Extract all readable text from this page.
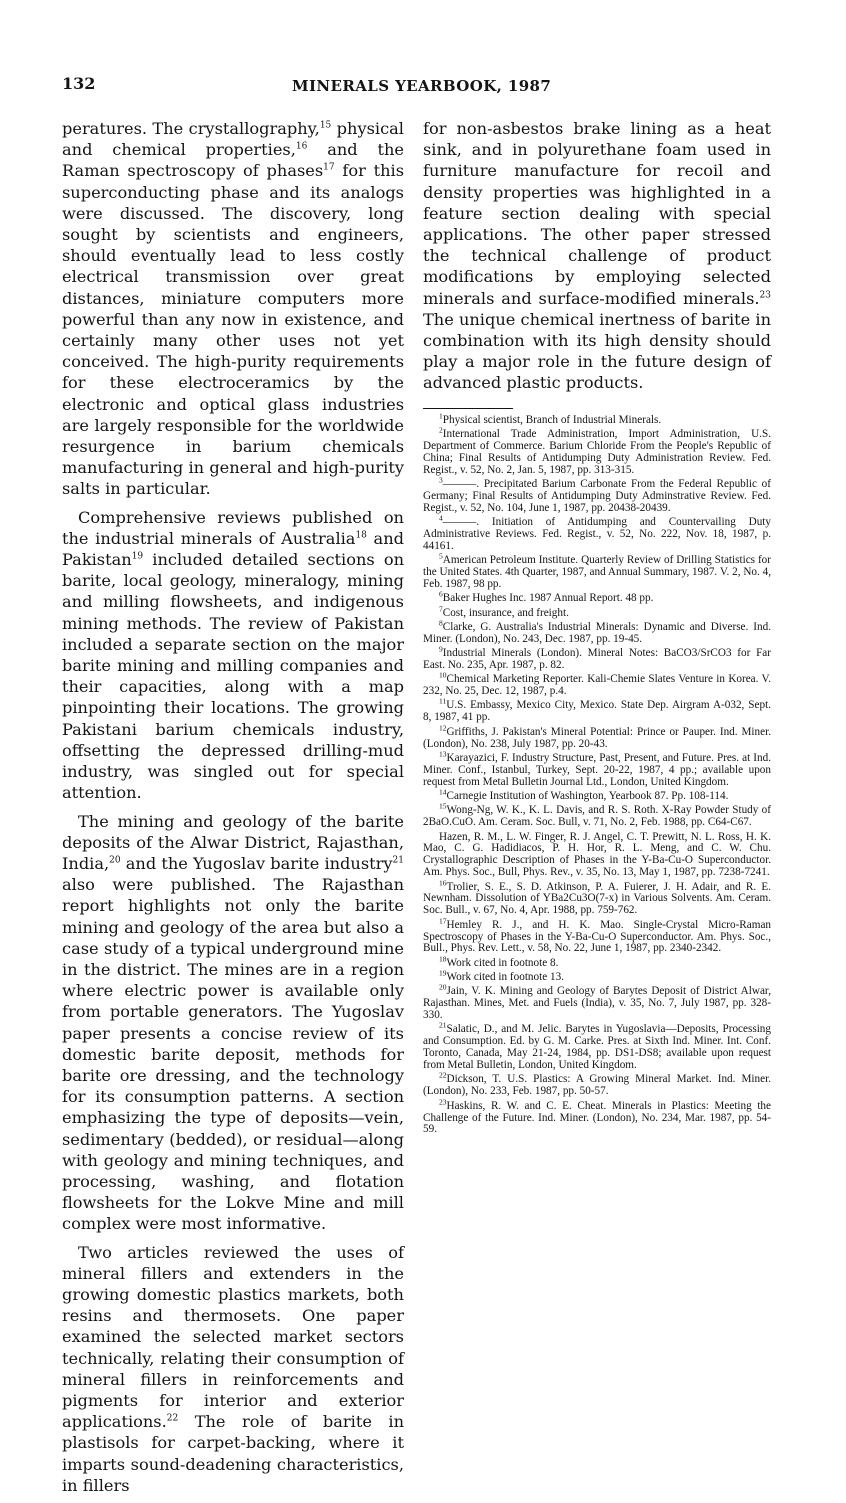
132	MINERALS YEARBOOK, 1987

peratures. The crystallography,$^{15}$ physical and chemical properties,$^{16}$ and the Raman spectroscopy of phases$^{17}$ for this superconducting phase and its analogs were discussed. The discovery, long sought by scientists and engineers, should eventually lead to less costly electrical transmission over great distances, miniature computers more powerful than any now in existence, and certainly many other uses not yet conceived. The high-purity requirements for these electroceramics by the electronic and optical glass industries are largely responsible for the worldwide resurgence in barium chemicals manufacturing in general and high-purity salts in particular.

Comprehensive reviews published on the industrial minerals of Australia$^{18}$ and Pakistan$^{19}$ included detailed sections on barite, local geology, mineralogy, mining and milling flowsheets, and indigenous mining methods. The review of Pakistan included a separate section on the major barite mining and milling companies and their capacities, along with a map pinpointing their locations. The growing Pakistani barium chemicals industry, offsetting the depressed drilling-mud industry, was singled out for special attention.

The mining and geology of the barite deposits of the Alwar District, Rajasthan, India,$^{20}$ and the Yugoslav barite industry$^{21}$ also were published. The Rajasthan report highlights not only the barite mining and geology of the area but also a case study of a typical underground mine in the district. The mines are in a region where electric power is available only from portable generators. The Yugoslav paper presents a concise review of its domestic barite deposit, methods for barite ore dressing, and the technology for its consumption patterns. A section emphasizing the type of deposits—vein, sedimentary (bedded), or residual—along with geology and mining techniques, and processing, washing, and flotation flowsheets for the Lokve Mine and mill complex were most informative.

Two articles reviewed the uses of mineral fillers and extenders in the growing domestic plastics markets, both resins and thermosets. One paper examined the selected market sectors technically, relating their consumption of mineral fillers in reinforcements and pigments for interior and exterior applications.$^{22}$ The role of barite in plastisols for carpet-backing, where it imparts sound-deadening characteristics, in fillers

for non-asbestos brake lining as a heat sink, and in polyurethane foam used in furniture manufacture for recoil and density properties was highlighted in a feature section dealing with special applications. The other paper stressed the technical challenge of product modifications by employing selected minerals and surface-modified minerals.$^{23}$ The unique chemical inertness of barite in combination with its high density should play a major role in the future design of advanced plastic products.

$^1$Physical scientist, Branch of Industrial Minerals.

$^2$International Trade Administration, Import Administration, U.S. Department of Commerce. Barium Chloride From the People's Republic of China; Final Results of Antidumping Duty Administration Review. Fed. Regist., v. 52, No. 2, Jan. 5, 1987, pp. 313-315.

$^3$———. Precipitated Barium Carbonate From the Federal Republic of Germany; Final Results of Antidumping Duty Adminstrative Review. Fed. Regist., v. 52, No. 104, June 1, 1987, pp. 20438-20439.

$^4$———. Initiation of Antidumping and Countervailing Duty Administrative Reviews. Fed. Regist., v. 52, No. 222, Nov. 18, 1987, p. 44161.

$^5$American Petroleum Institute. Quarterly Review of Drilling Statistics for the United States. 4th Quarter, 1987, and Annual Summary, 1987. V. 2, No. 4, Feb. 1987, 98 pp.

$^6$Baker Hughes Inc. 1987 Annual Report. 48 pp.

$^7$Cost, insurance, and freight.

$^8$Clarke, G. Australia's Industrial Minerals: Dynamic and Diverse. Ind. Miner. (London), No. 243, Dec. 1987, pp. 19-45.

$^9$Industrial Minerals (London). Mineral Notes: BaCO3/SrCO3 for Far East. No. 235, Apr. 1987, p. 82.

$^{10}$Chemical Marketing Reporter. Kali-Chemie Slates Venture in Korea. V. 232, No. 25, Dec. 12, 1987, p.4.

$^{11}$U.S. Embassy, Mexico City, Mexico. State Dep. Airgram A-032, Sept. 8, 1987, 41 pp.

$^{12}$Griffiths, J. Pakistan's Mineral Potential: Prince or Pauper. Ind. Miner. (London), No. 238, July 1987, pp. 20-43.

$^{13}$Karayazici, F. Industry Structure, Past, Present, and Future. Pres. at Ind. Miner. Conf., Istanbul, Turkey, Sept. 20-22, 1987, 4 pp.; available upon request from Metal Bulletin Journal Ltd., London, United Kingdom.

$^{14}$Carnegie Institution of Washington, Yearbook 87. Pp. 108-114.

$^{15}$Wong-Ng, W. K., K. L. Davis, and R. S. Roth. X-Ray Powder Study of 2BaO.CuO. Am. Ceram. Soc. Bull, v. 71, No. 2, Feb. 1988, pp. C64-C67.

Hazen, R. M., L. W. Finger, R. J. Angel, C. T. Prewitt, N. L. Ross, H. K. Mao, C. G. Hadidiacos, P. H. Hor, R. L. Meng, and C. W. Chu. Crystallographic Description of Phases in the Y-Ba-Cu-O Superconductor. Am. Phys. Soc., Bull, Phys. Rev., v. 35, No. 13, May 1, 1987, pp. 7238-7241.

$^{16}$Trolier, S. E., S. D. Atkinson, P. A. Fuierer, J. H. Adair, and R. E. Newnham. Dissolution of YBa2Cu3O(7-x) in Various Solvents. Am. Ceram. Soc. Bull., v. 67, No. 4, Apr. 1988, pp. 759-762.

$^{17}$Hemley R. J., and H. K. Mao. Single-Crystal Micro-Raman Spectroscopy of Phases in the Y-Ba-Cu-O Superconductor. Am. Phys. Soc., Bull., Phys. Rev. Lett., v. 58, No. 22, June 1, 1987, pp. 2340-2342.

$^{18}$Work cited in footnote 8.

$^{19}$Work cited in footnote 13.

$^{20}$Jain, V. K. Mining and Geology of Barytes Deposit of District Alwar, Rajasthan. Mines, Met. and Fuels (India), v. 35, No. 7, July 1987, pp. 328-330.

$^{21}$Salatic, D., and M. Jelic. Barytes in Yugoslavia—Deposits, Processing and Consumption. Ed. by G. M. Carke. Pres. at Sixth Ind. Miner. Int. Conf. Toronto, Canada, May 21-24, 1984, pp. DS1-DS8; available upon request from Metal Bulletin, London, United Kingdom.

$^{22}$Dickson, T. U.S. Plastics: A Growing Mineral Market. Ind. Miner. (London), No. 233, Feb. 1987, pp. 50-57.

$^{23}$Haskins, R. W. and C. E. Cheat. Minerals in Plastics: Meeting the Challenge of the Future. Ind. Miner. (London), No. 234, Mar. 1987, pp. 54-59.
